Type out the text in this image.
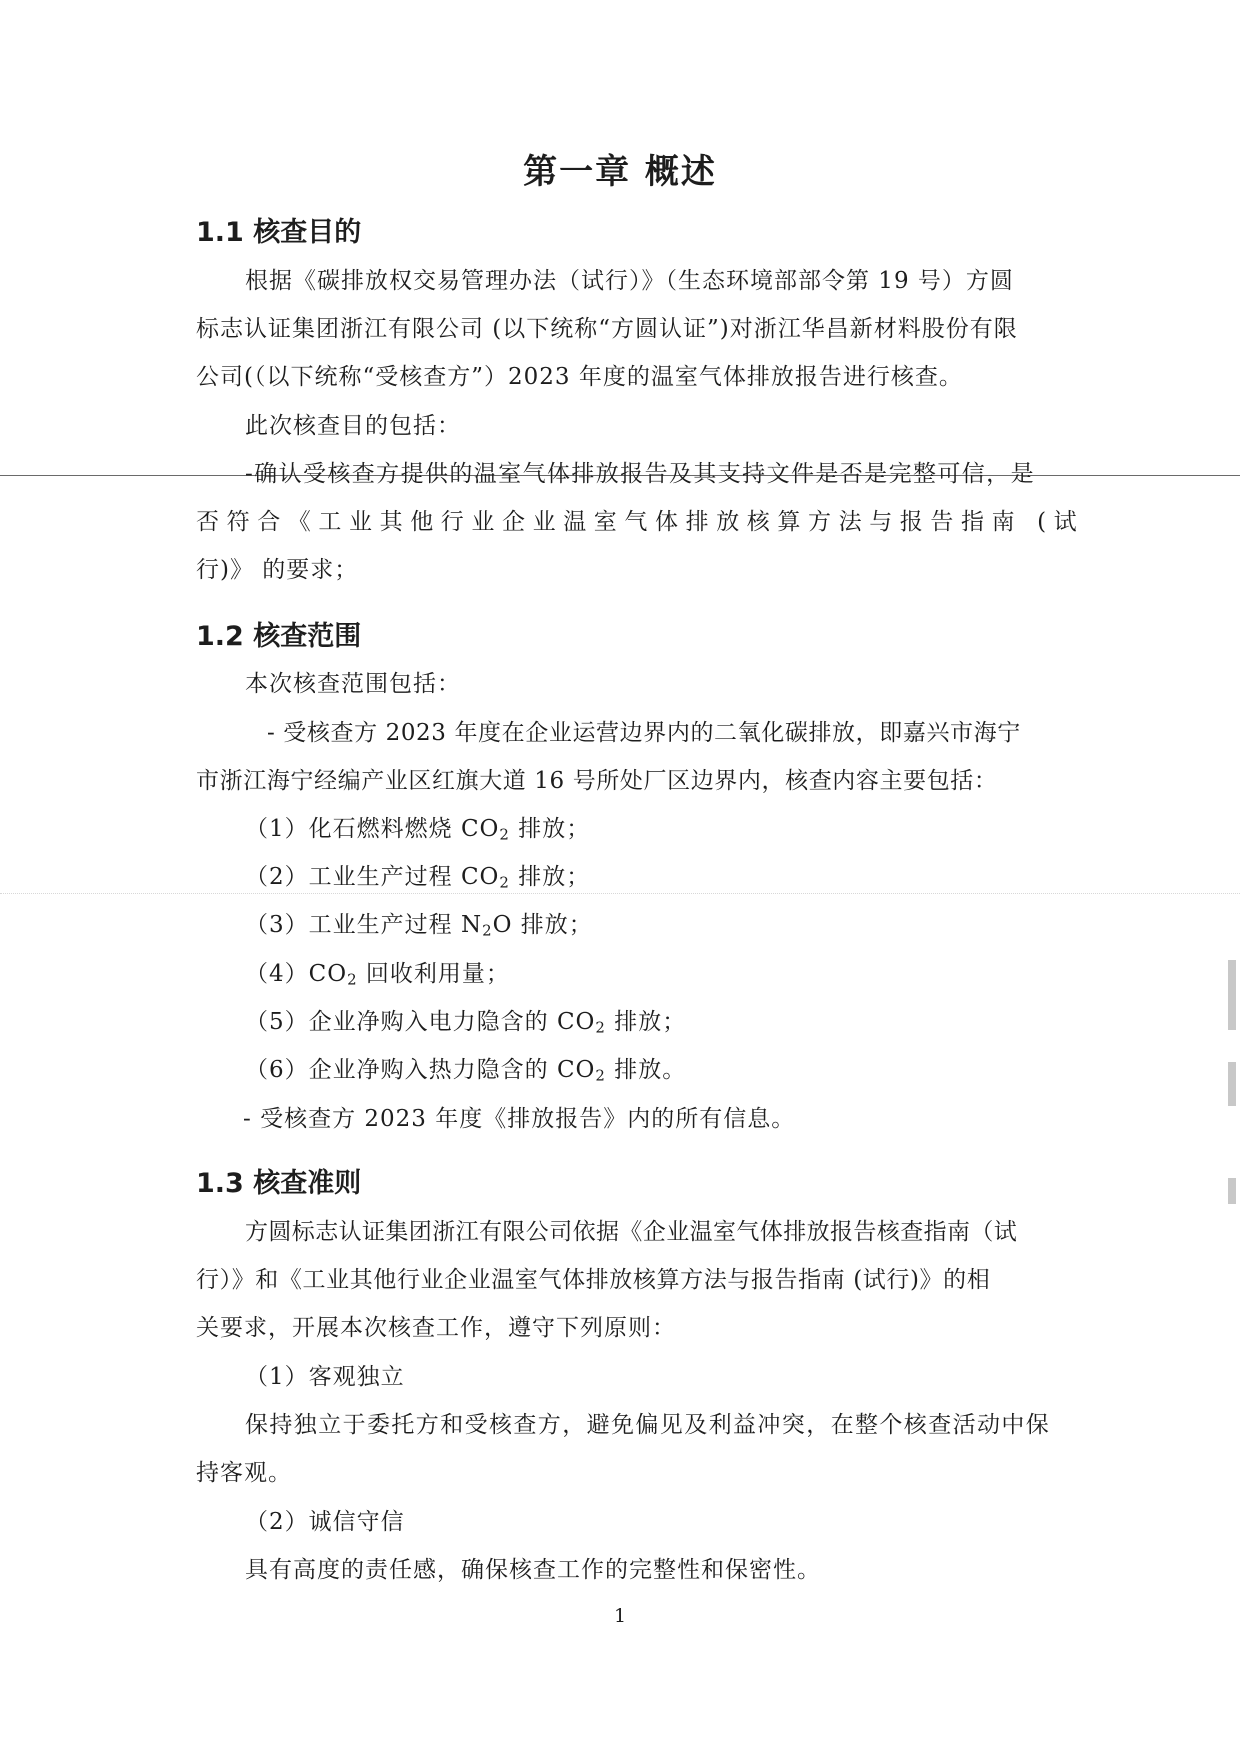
第一章 概述
1.1 核查目的
根据《碳排放权交易管理办法（试行）》（生态环境部部令第 19 号）方圆
标志认证集团浙江有限公司 (以下统称“方圆认证”)对浙江华昌新材料股份有限
公司(（以下统称“受核查方”）2023 年度的温室气体排放报告进行核查。
此次核查目的包括：
-确认受核查方提供的温室气体排放报告及其支持文件是否是完整可信，是
否符合《工业其他行业企业温室气体排放核算方法与报告指南 (试
行)》 的要求；
1.2 核查范围
本次核查范围包括：
- 受核查方 2023 年度在企业运营边界内的二氧化碳排放，即嘉兴市海宁
市浙江海宁经编产业区红旗大道 16 号所处厂区边界内，核查内容主要包括：
（1）化石燃料燃烧 $CO_2$ 排放；
（2）工业生产过程 $CO_2$ 排放；
（3）工业生产过程 $N_2O$ 排放；
$(4)CO_2$ 回收利用量；
（5）企业净购入电力隐含的 $CO_2$ 排放；
（6）企业净购入热力隐含的 $CO_2$ 排放。
- 受核查方 2023 年度《排放报告》内的所有信息。
1.3 核查准则
方圆标志认证集团浙江有限公司依据《企业温室气体排放报告核查指南（试
行）》和《工业其他行业企业温室气体排放核算方法与报告指南 (试行)》的相
关要求，开展本次核查工作，遵守下列原则：
（1）客观独立
保持独立于委托方和受核查方，避免偏见及利益冲突，在整个核查活动中保
持客观。
（2）诚信守信
具有高度的责任感，确保核查工作的完整性和保密性。
1
